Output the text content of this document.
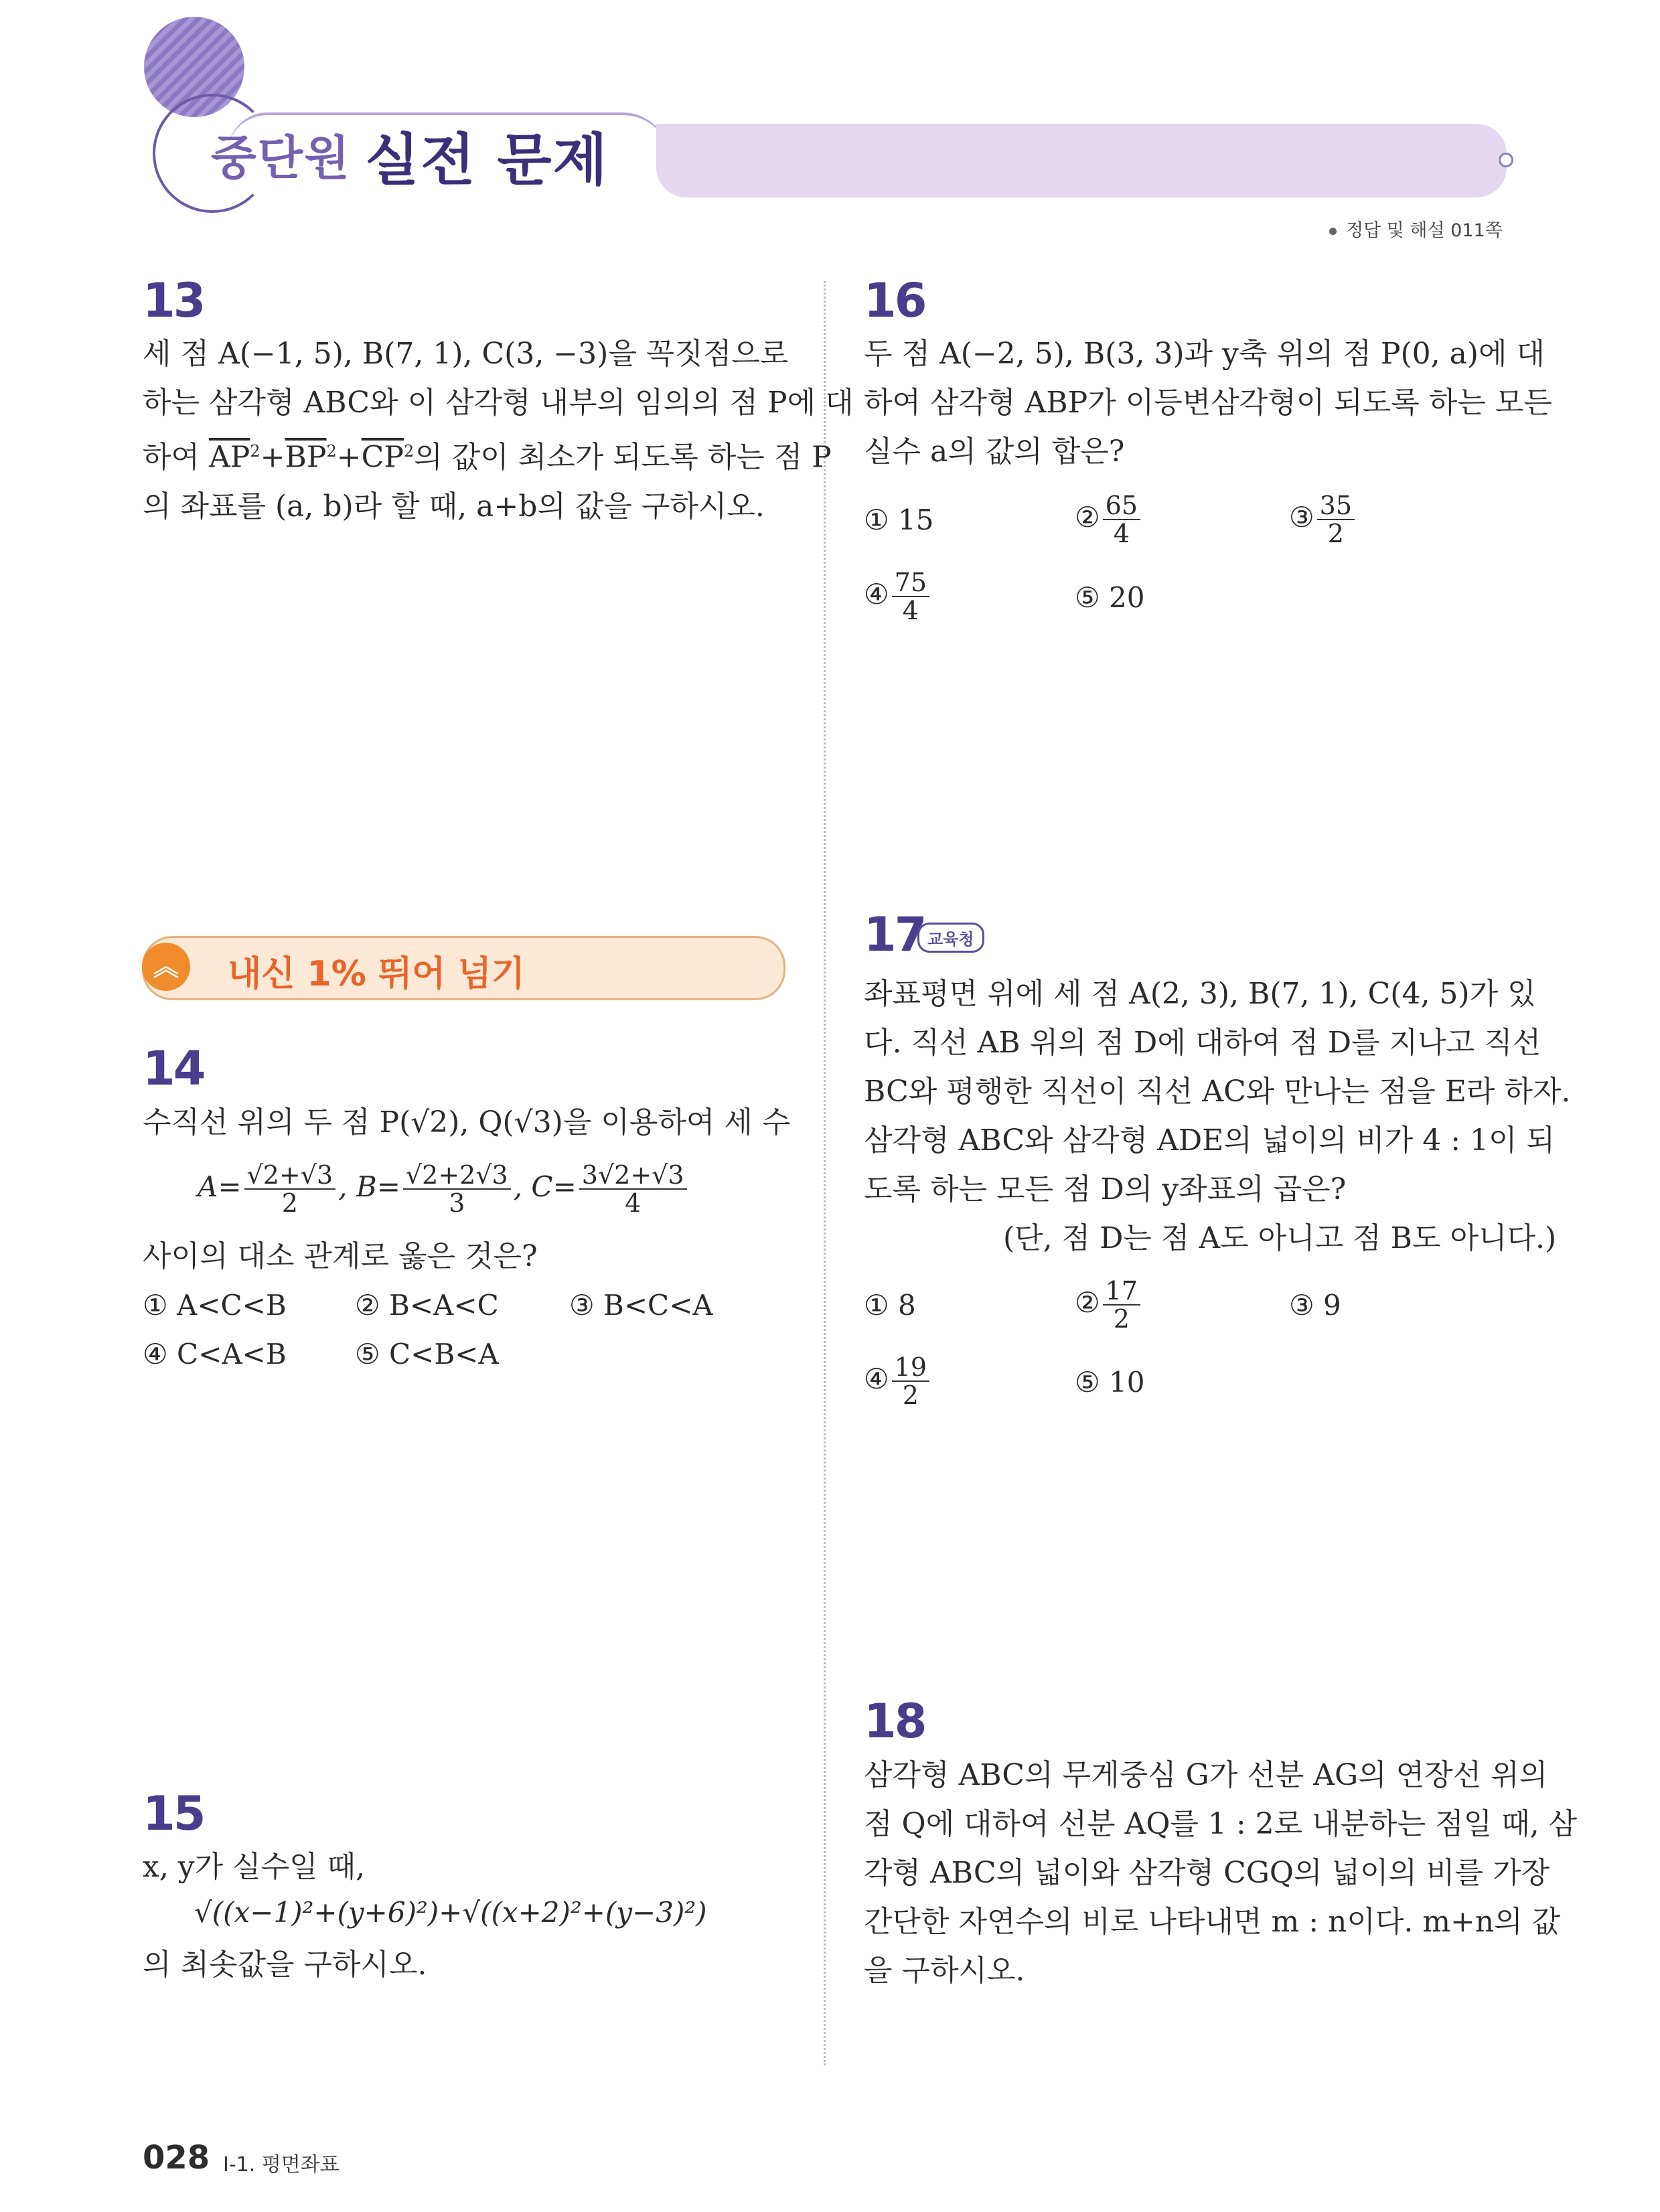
중단원 실전 문제
정답 및 해설 011쪽
13
세 점 A(−1, 5), B(7, 1), C(3, −3)을 꼭짓점으로
하는 삼각형 ABC와 이 삼각형 내부의 임의의 점 P에 대
하여 $\overline{AP}^2+\overline{BP}^2+\overline{CP}^2$의 값이 최소가 되도록 하는 점 P
의 좌표를 (a, b)라 할 때, a+b의 값을 구하시오.
︽	내신 1% 뛰어 넘기
14
수직선 위의 두 점 P(√2), Q(√3)을 이용하여 세 수
$A= \frac{√2+√3}{2}$ , $B= \frac{√2+2√3}{3}$ , $C= \frac{3√2+√3}{4}$
사이의 대소 관계로 옳은 것은?
① A<C<B ② B<A<C	③ B<C<A
④ C<A<B ⑤ C<B<A
15
x, y가 실수일 때,
√((x−1)²+(y+6)²)+√((x+2)²+(y−3)²)
의 최솟값을 구하시오.
16
두 점 A(−2, 5), B(3, 3)과 y축 위의 점 P(0, a)에 대
하여 삼각형 ABP가 이등변삼각형이 되도록 하는 모든
실수 a의 값의 합은?
① 15	② $\frac{65}{4}$	③ $\frac{35}{2}$
④ $\frac{75}{4}$	⑤ 20
17 교육청
좌표평면 위에 세 점 A(2, 3), B(7, 1), C(4, 5)가 있
다. 직선 AB 위의 점 D에 대하여 점 D를 지나고 직선
BC와 평행한 직선이 직선 AC와 만나는 점을 E라 하자.
삼각형 ABC와 삼각형 ADE의 넓이의 비가 4 : 1이 되
도록 하는 모든 점 D의 y좌표의 곱은?
(단, 점 D는 점 A도 아니고 점 B도 아니다.)
① 8	② $\frac{17}{2}$	③ 9
④ $\frac{19}{2}$	⑤ 10
18
삼각형 ABC의 무게중심 G가 선분 AG의 연장선 위의
점 Q에 대하여 선분 AQ를 1 : 2로 내분하는 점일 때, 삼
각형 ABC의 넓이와 삼각형 CGQ의 넓이의 비를 가장
간단한 자연수의 비로 나타내면 m : n이다. m+n의 값
을 구하시오.
028 Ⅰ-1. 평면좌표
